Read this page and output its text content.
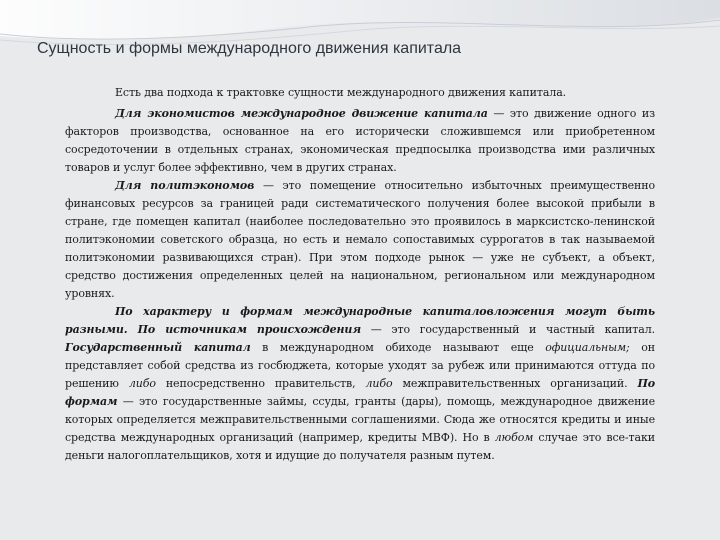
Сущность и формы международного движения капитала

Есть два подхода к трактовке сущности международного движения капитала.

Для экономистов международное движение капитала — это движение одного из факторов производства, основанное на его исторически сложившемся или приобретенном сосредоточении в отдельных странах, экономическая предпосылка производства ими различных товаров и услуг более эффективно, чем в других странах.

Для политэкономов — это помещение относительно избыточных преимущественно финансовых ресурсов за границей ради систематического получения более высокой прибыли в стране, где помещен капитал (наиболее последовательно это проявилось в марксистско-ленинской политэкономии советского образца, но есть и немало сопоставимых суррогатов в так называемой политэкономии развивающихся стран). При этом подходе рынок — уже не субъект, а объект, средство достижения определенных целей на национальном, региональном или международном уровнях.

По характеру и формам международные капиталовложения могут быть разными. По источникам происхождения — это государственный и частный капитал. Государственный капитал в международном обиходе называют еще официальным; он представляет собой средства из госбюджета, которые уходят за рубеж или принимаются оттуда по решению либо непосредственно правительств, либо межправительственных организаций. По формам — это государственные займы, ссуды, гранты (дары), помощь, международное движение которых определяется межправительственными соглашениями. Сюда же относятся кредиты и иные средства международных организаций (например, кредиты МВФ). Но в любом случае это все-таки деньги налогоплательщиков, хотя и идущие до получателя разным путем.
